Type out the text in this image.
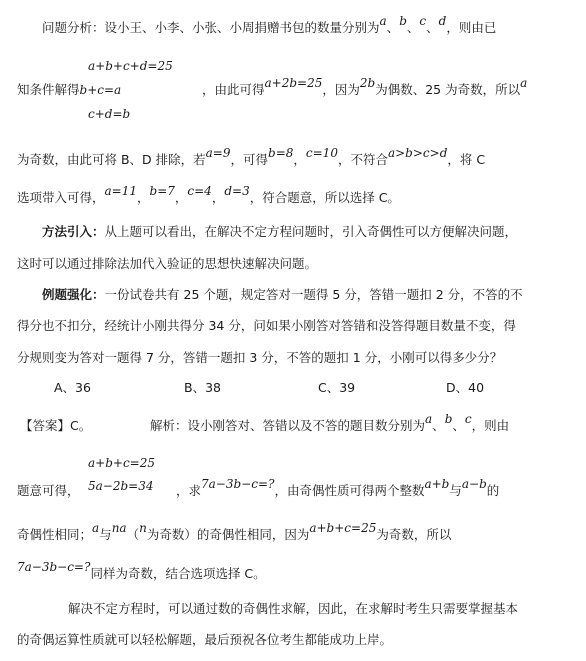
问题分析：设小王、小李、小张、小周捐赠书包的数量分别为a、b、c、d，则由已
a+b+c+d=25
知条件解得b+c=a	，由此可得a+2b=25，因为2b为偶数、25 为奇数，所以a
c+d=b
为奇数，由此可将 B、D 排除，若a=9，可得b=8，c=10，不符合a>b>c>d，将 C
选项带入可得，a=11，b=7，c=4，d=3，符合题意，所以选择 C。
方法引入：从上题可以看出，在解决不定方程问题时，引入奇偶性可以方便解决问题，
这时可以通过排除法加代入验证的思想快速解决问题。
例题强化：一份试卷共有 25 个题，规定答对一题得 5 分，答错一题扣 2 分，不答的不
得分也不扣分，经统计小刚共得分 34 分，问如果小刚答对答错和没答得题目数量不变，得
分规则变为答对一题得 7 分，答错一题扣 3 分，不答的题扣 1 分，小刚可以得多少分？
A、36	B、38	C、39	D、40
【答案】C。	解析：设小刚答对、答错以及不答的题目数分别为a、b、c，则由
a+b+c=25
题意可得， 5a−2b=34 ，求7a−3b−c=?，由奇偶性质可得两个整数a+b与a−b的
奇偶性相同；a与na（n为奇数）的奇偶性相同，因为a+b+c=25为奇数，所以
7a−3b−c=?同样为奇数，结合选项选择 C。
解决不定方程时，可以通过数的奇偶性求解，因此，在求解时考生只需要掌握基本
的奇偶运算性质就可以轻松解题，最后预祝各位考生都能成功上岸。
